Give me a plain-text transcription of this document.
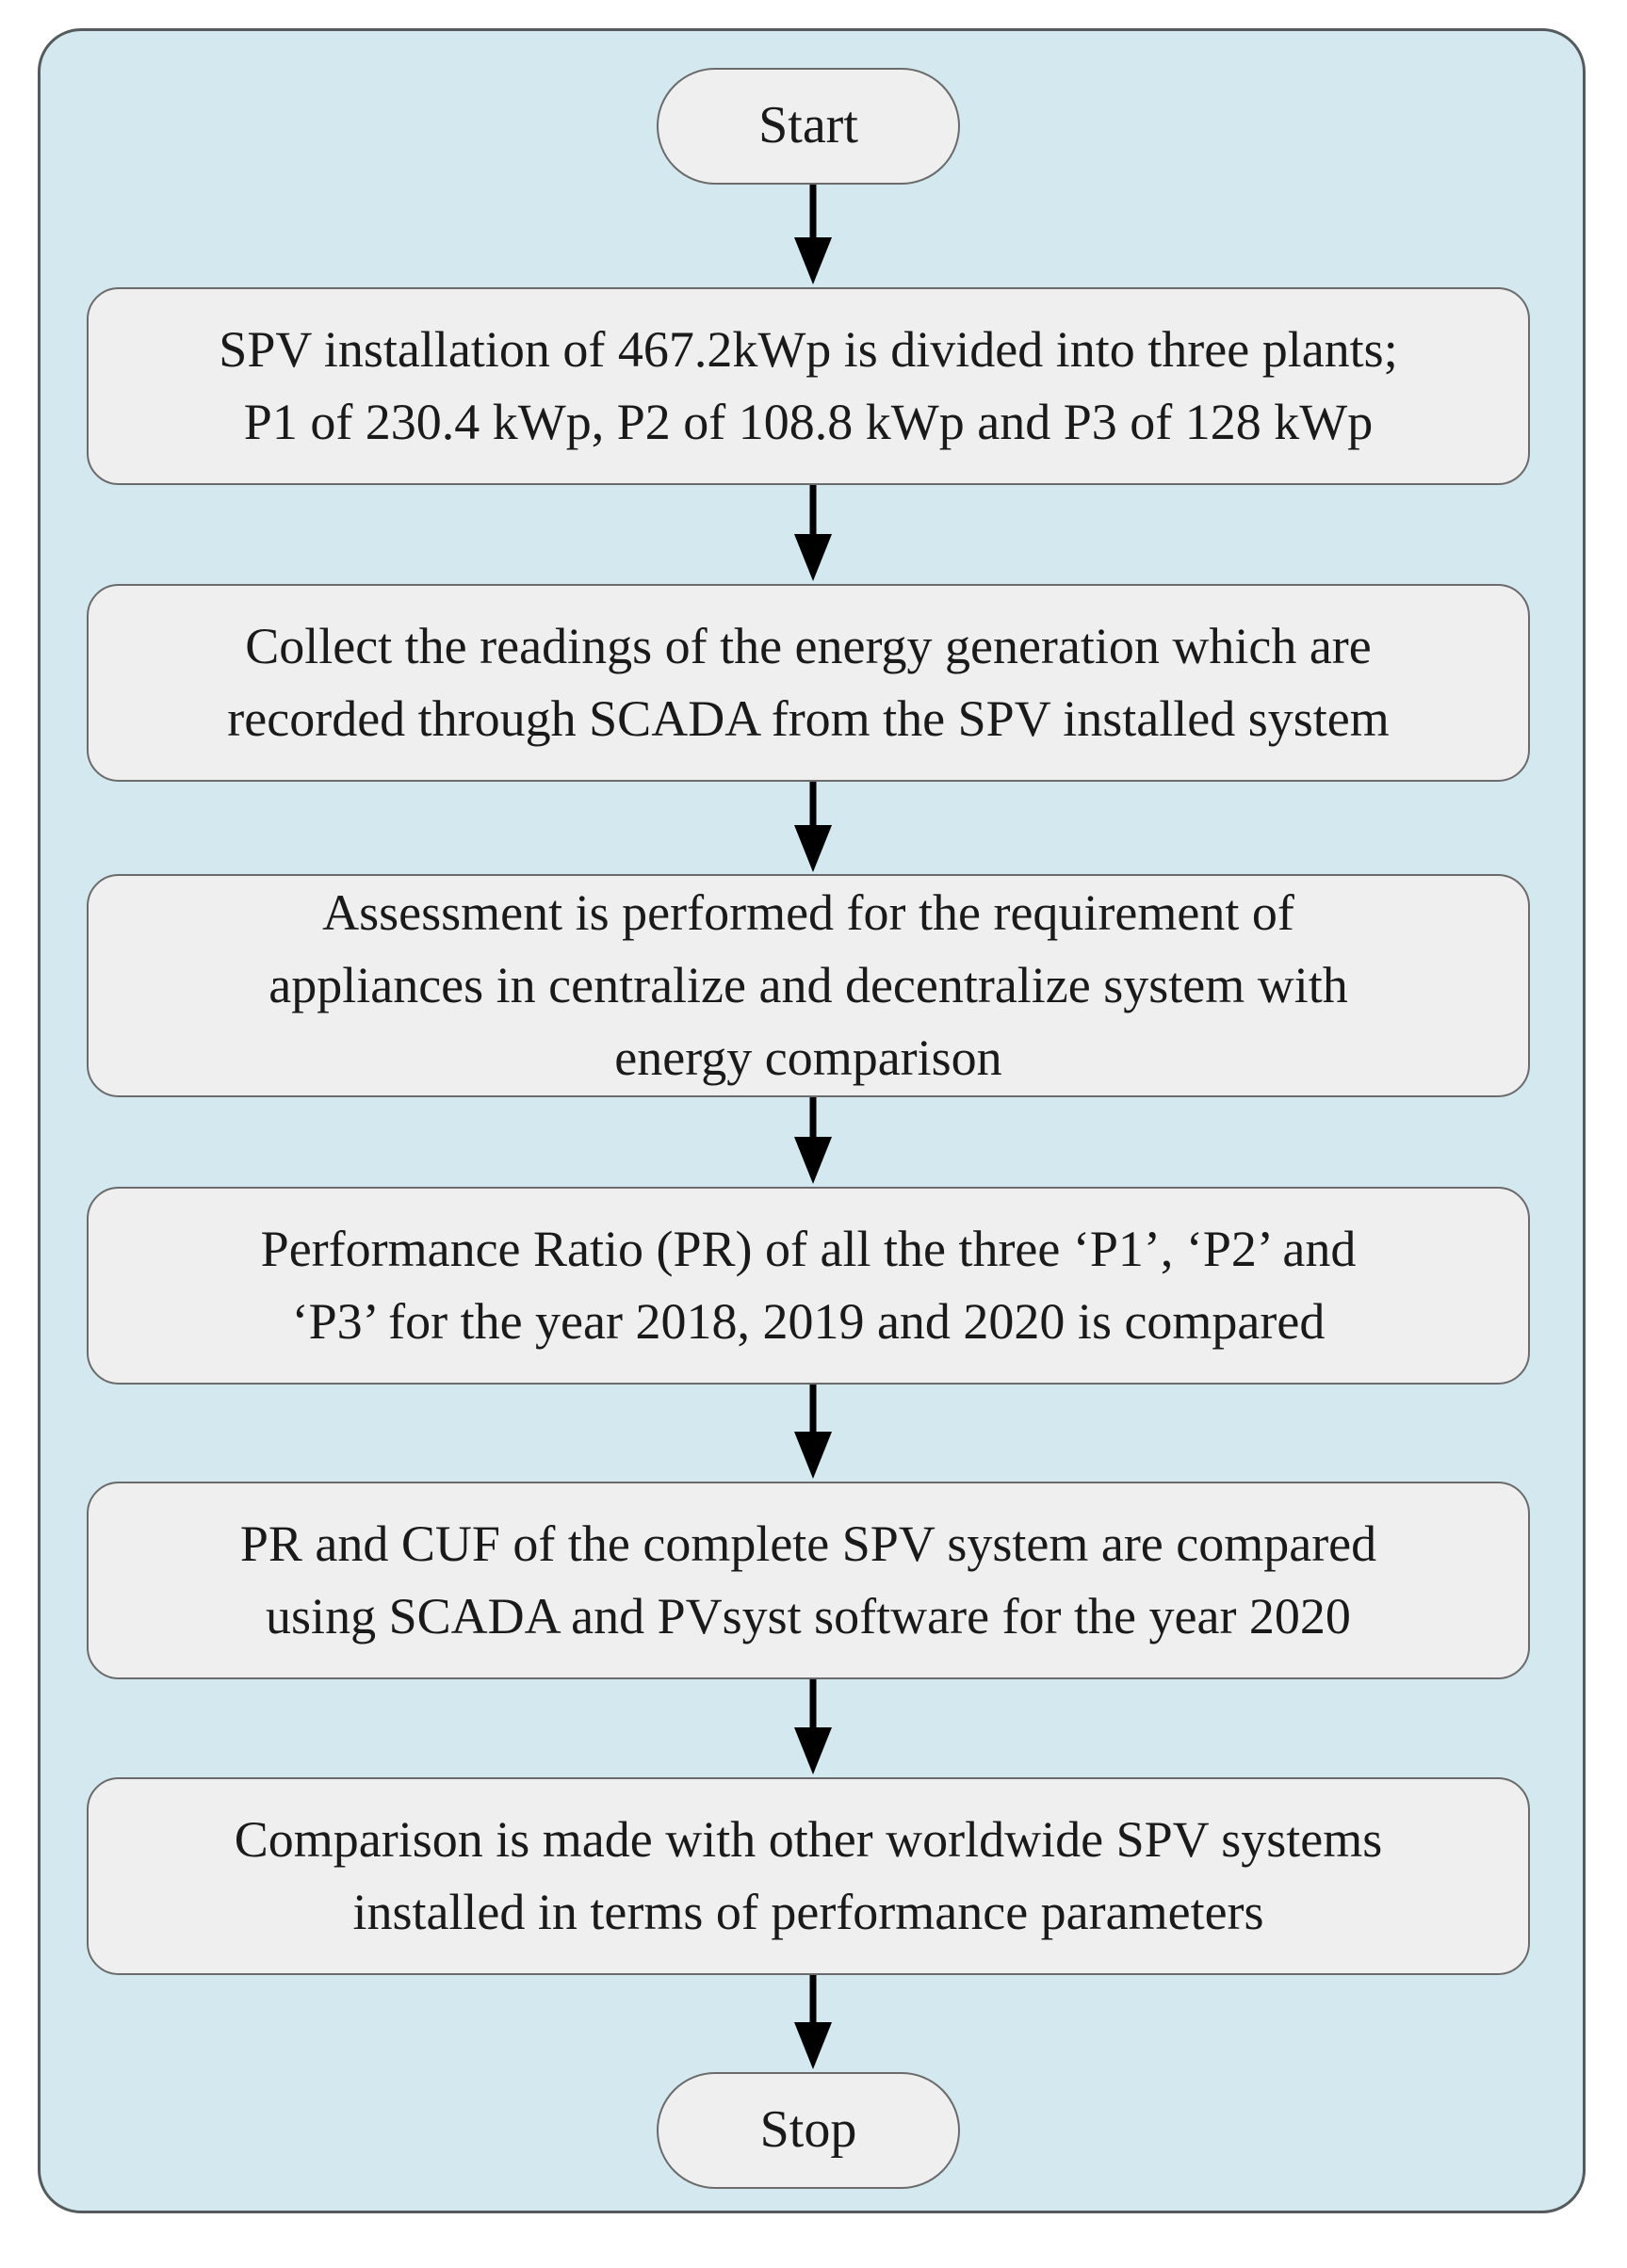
Start
SPV installation of 467.2kWp is divided into three plants;
P1 of 230.4 kWp, P2 of 108.8 kWp and P3 of 128 kWp
Collect the readings of the energy generation which are
recorded through SCADA from the SPV installed system
Assessment is performed for the requirement of
appliances in centralize and decentralize system with
energy comparison
Performance Ratio (PR) of all the three ‘P1’, ‘P2’ and
‘P3’ for the year 2018, 2019 and 2020 is compared
PR and CUF of the complete SPV system are compared
using SCADA and PVsyst software for the year 2020
Comparison is made with other worldwide SPV systems
installed in terms of performance parameters
Stop
